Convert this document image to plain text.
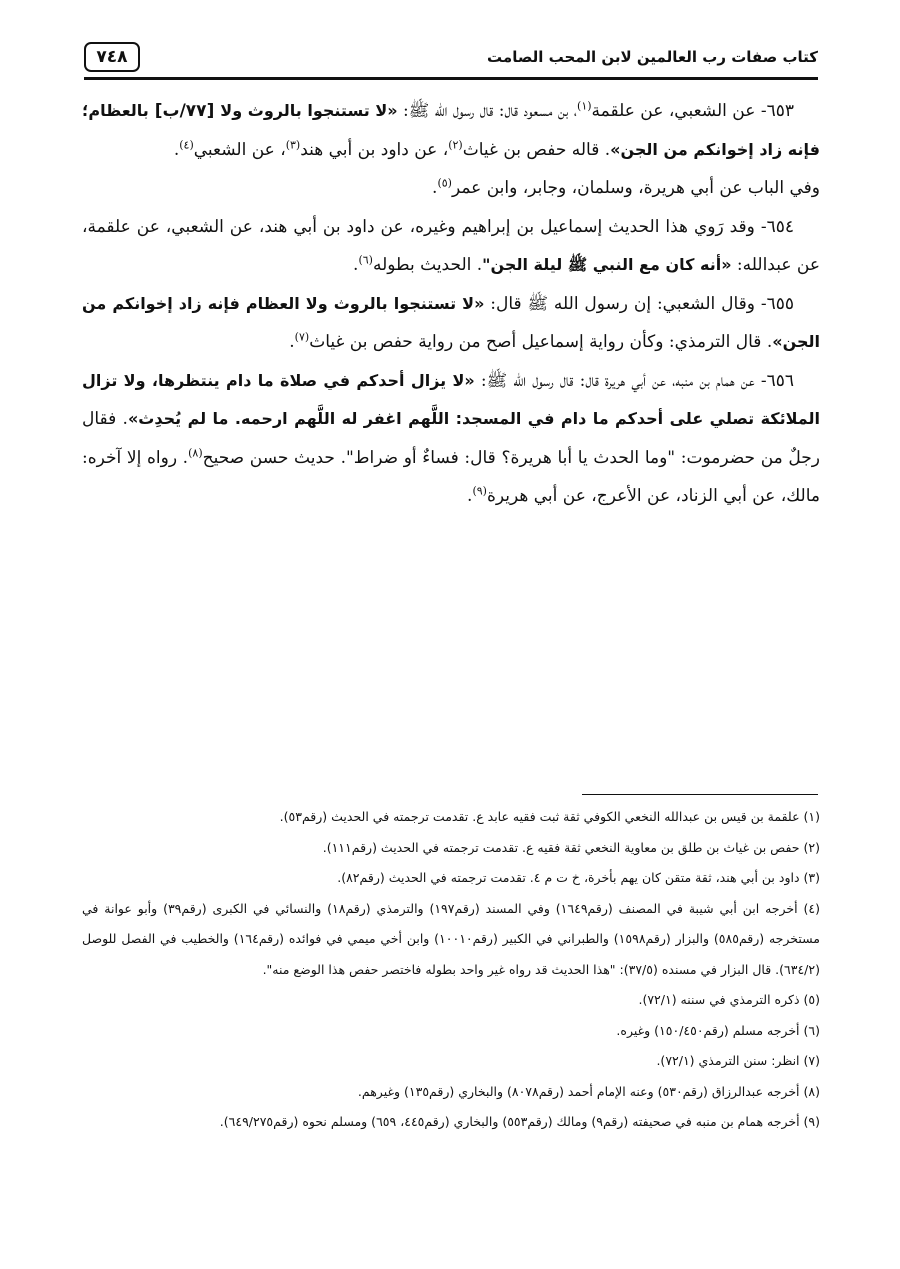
٧٤٨	كتاب صفات رب العالمين لابن المحب الصامت

٦٥٣- عن الشعبي، عن علقمة$^{(١)}$، بن مسعود قال: قال رسول الله ﷺ: «لا تستنجوا بالروث ولا [٧٧/ب] بالعظام؛ فإنه زاد إخوانكم من الجن». قاله حفص بن غياث$^{(٢)}$، عن داود بن أبي هند$^{(٣)}$، عن الشعبي$^{(٤)}$.

وفي الباب عن أبي هريرة، وسلمان، وجابر، وابن عمر$^{(٥)}$.

٦٥٤- وقد رَوي هذا الحديث إسماعيل بن إبراهيم وغيره، عن داود بن أبي هند، عن الشعبي، عن علقمة، عن عبدالله: «أنه كان مع النبي ﷺ ليلة الجن". الحديث بطوله$^{(٦)}$.

٦٥٥- وقال الشعبي: إن رسول الله ﷺ قال: «لا تستنجوا بالروث ولا العظام فإنه زاد إخوانكم من الجن». قال الترمذي: وكأن رواية إسماعيل أصح من رواية حفص بن غياث$^{(٧)}$.

٦٥٦- عن همام بن منبه، عن أبي هريرة قال: قال رسول الله ﷺ: «لا يزال أحدكم في صلاة ما دام ينتظرها، ولا تزال الملائكة تصلي على أحدكم ما دام في المسجد: اللَّهم اغفر له اللَّهم ارحمه. ما لم يُحدِث». فقال رجلٌ من حضرموت: "وما الحدث يا أبا هريرة؟ قال: فساءٌ أو ضراط". حديث حسن صحيح$^{(٨)}$. رواه إلا آخره: مالك، عن أبي الزناد، عن الأعرج، عن أبي هريرة$^{(٩)}$.

(١) علقمة بن قيس بن عبدالله النخعي الكوفي ثقة ثبت فقيه عابد ع. تقدمت ترجمته في الحديث (رقم٥٣).

(٢) حفص بن غياث بن طلق بن معاوية النخعي ثقة فقيه ع. تقدمت ترجمته في الحديث (رقم١١١).

(٣) داود بن أبي هند، ثقة متقن كان يهم بأخرة، خ ت م ٤. تقدمت ترجمته في الحديث (رقم٨٢).

(٤) أخرجه ابن أبي شيبة في المصنف (رقم١٦٤٩) وفي المسند (رقم١٩٧) والترمذي (رقم١٨) والنسائي في الكبرى (رقم٣٩) وأبو عوانة في مستخرجه (رقم٥٨٥) والبزار (رقم١٥٩٨) والطبراني في الكبير (رقم١٠٠١٠) وابن أخي ميمي في فوائده (رقم١٦٤) والخطيب في الفصل للوصل (٦٣٤/٢). قال البزار في مسنده (٣٧/٥): "هذا الحديث قد رواه غير واحد بطوله فاختصر حفص هذا الوضع منه".

(٥) ذكره الترمذي في سننه (٧٢/١).

(٦) أخرجه مسلم (رقم١٥٠/٤٥٠) وغيره.

(٧) انظر: سنن الترمذي (٧٢/١).

(٨) أخرجه عبدالرزاق (رقم٥٣٠) وعنه الإمام أحمد (رقم٨٠٧٨) والبخاري (رقم١٣٥) وغيرهم.

(٩) أخرجه همام بن منبه في صحيفته (رقم٩) ومالك (رقم٥٥٣) والبخاري (رقم٤٤٥، ٦٥٩) ومسلم نحوه (رقم٦٤٩/٢٧٥).
